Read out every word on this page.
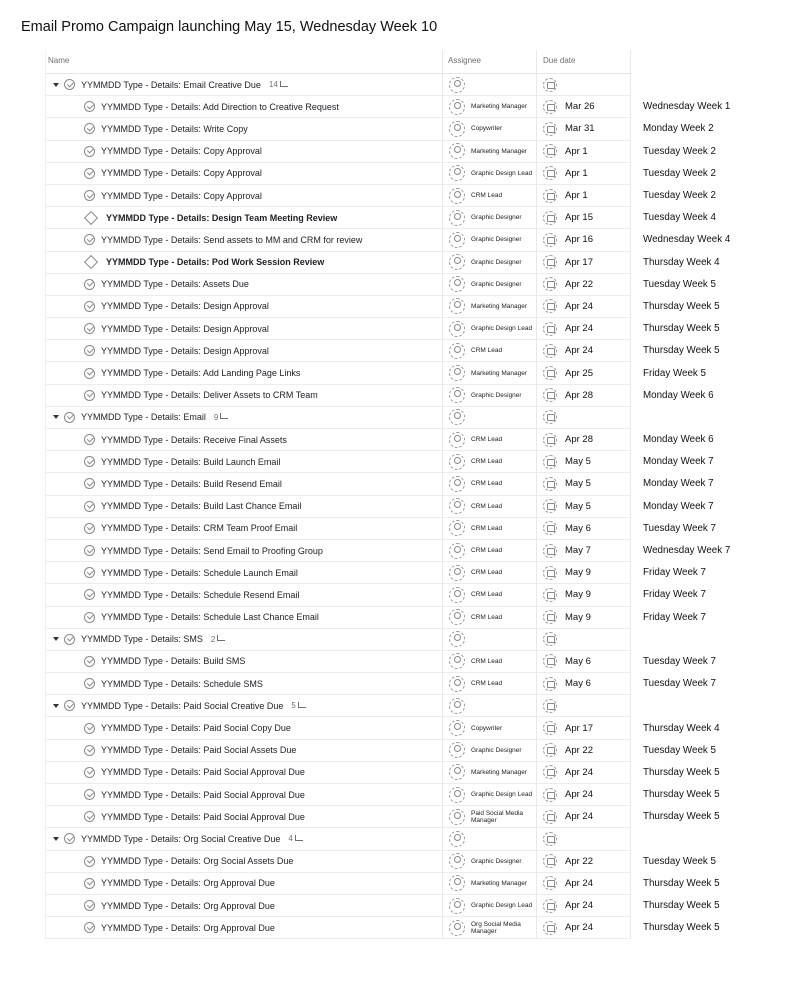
Email Promo Campaign launching May 15, Wednesday Week 10
Name	Assignee	Due date
YYMMDD Type - Details: Email Creative Due 14
YYMMDD Type - Details: Add Direction to Creative Request	Marketing Manager	Mar 26	Wednesday Week 1
YYMMDD Type - Details: Write Copy	Copywriter	Mar 31	Monday Week 2
YYMMDD Type - Details: Copy Approval	Marketing Manager	Apr 1	Tuesday Week 2
YYMMDD Type - Details: Copy Approval	Graphic Design Lead	Apr 1	Tuesday Week 2
YYMMDD Type - Details: Copy Approval	CRM Lead	Apr 1	Tuesday Week 2
YYMMDD Type - Details: Design Team Meeting Review	Graphic Designer	Apr 15	Tuesday Week 4
YYMMDD Type - Details: Send assets to MM and CRM for review	Graphic Designer	Apr 16	Wednesday Week 4
YYMMDD Type - Details: Pod Work Session Review	Graphic Designer	Apr 17	Thursday Week 4
YYMMDD Type - Details: Assets Due	Graphic Designer	Apr 22	Tuesday Week 5
YYMMDD Type - Details: Design Approval	Marketing Manager	Apr 24	Thursday Week 5
YYMMDD Type - Details: Design Approval	Graphic Design Lead	Apr 24	Thursday Week 5
YYMMDD Type - Details: Design Approval	CRM Lead	Apr 24	Thursday Week 5
YYMMDD Type - Details: Add Landing Page Links	Marketing Manager	Apr 25	Friday Week 5
YYMMDD Type - Details: Deliver Assets to CRM Team	Graphic Designer	Apr 28	Monday Week 6
YYMMDD Type - Details: Email 9
YYMMDD Type - Details: Receive Final Assets	CRM Lead	Apr 28	Monday Week 6
YYMMDD Type - Details: Build Launch Email	CRM Lead	May 5	Monday Week 7
YYMMDD Type - Details: Build Resend Email	CRM Lead	May 5	Monday Week 7
YYMMDD Type - Details: Build Last Chance Email	CRM Lead	May 5	Monday Week 7
YYMMDD Type - Details: CRM Team Proof Email	CRM Lead	May 6	Tuesday Week 7
YYMMDD Type - Details: Send Email to Proofing Group	CRM Lead	May 7	Wednesday Week 7
YYMMDD Type - Details: Schedule Launch Email	CRM Lead	May 9	Friday Week 7
YYMMDD Type - Details: Schedule Resend Email	CRM Lead	May 9	Friday Week 7
YYMMDD Type - Details: Schedule Last Chance Email	CRM Lead	May 9	Friday Week 7
YYMMDD Type - Details: SMS 2
YYMMDD Type - Details: Build SMS	CRM Lead	May 6	Tuesday Week 7
YYMMDD Type - Details: Schedule SMS	CRM Lead	May 6	Tuesday Week 7
YYMMDD Type - Details: Paid Social Creative Due 5
YYMMDD Type - Details: Paid Social Copy Due	Copywriter	Apr 17	Thursday Week 4
YYMMDD Type - Details: Paid Social Assets Due	Graphic Designer	Apr 22	Tuesday Week 5
YYMMDD Type - Details: Paid Social Approval Due	Marketing Manager	Apr 24	Thursday Week 5
YYMMDD Type - Details: Paid Social Approval Due	Graphic Design Lead	Apr 24	Thursday Week 5
YYMMDD Type - Details: Paid Social Approval Due	Paid Social Media Manager	Apr 24	Thursday Week 5
YYMMDD Type - Details: Org Social Creative Due 4
YYMMDD Type - Details: Org Social Assets Due	Graphic Designer	Apr 22	Tuesday Week 5
YYMMDD Type - Details: Org Approval Due	Marketing Manager	Apr 24	Thursday Week 5
YYMMDD Type - Details: Org Approval Due	Graphic Design Lead	Apr 24	Thursday Week 5
YYMMDD Type - Details: Org Approval Due	Org Social Media Manager	Apr 24	Thursday Week 5
